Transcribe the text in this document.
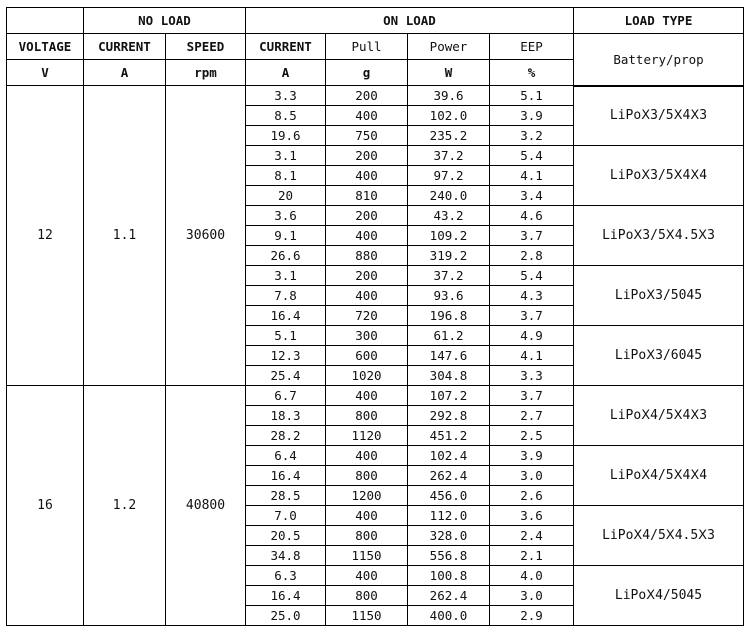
	NO LOAD		ON LOAD				LOAD TYPE
VOLTAGE	CURRENT	SPEED	CURRENT	Pull	Power	EEP	Battery/prop
V	A	rpm	A	g	W	%	
12	1.1	30600	3.3	200	39.6	5.1	LiPoⅩ3/5Ⅹ4Ⅹ3
			8.5	400	102.0	3.9	
			19.6	750	235.2	3.2	
			3.1	200	37.2	5.4	LiPoⅩ3/5Ⅹ4Ⅹ4
			8.1	400	97.2	4.1	
			20	810	240.0	3.4	
			3.6	200	43.2	4.6	LiPoⅩ3/5Ⅹ4.5Ⅹ3
			9.1	400	109.2	3.7	
			26.6	880	319.2	2.8	
			3.1	200	37.2	5.4	LiPoⅩ3/5045
			7.8	400	93.6	4.3	
			16.4	720	196.8	3.7	
			5.1	300	61.2	4.9	LiPoⅩ3/6045
			12.3	600	147.6	4.1	
			25.4	1020	304.8	3.3	
16	1.2	40800	6.7	400	107.2	3.7	LiPoⅩ4/5Ⅹ4Ⅹ3
			18.3	800	292.8	2.7	
			28.2	1120	451.2	2.5	
			6.4	400	102.4	3.9	LiPoⅩ4/5Ⅹ4Ⅹ4
			16.4	800	262.4	3.0	
			28.5	1200	456.0	2.6	
			7.0	400	112.0	3.6	LiPoⅩ4/5Ⅹ4.5Ⅹ3
			20.5	800	328.0	2.4	
			34.8	1150	556.8	2.1	
			6.3	400	100.8	4.0	LiPoⅩ4/5045
			16.4	800	262.4	3.0	
			25.0	1150	400.0	2.9	
